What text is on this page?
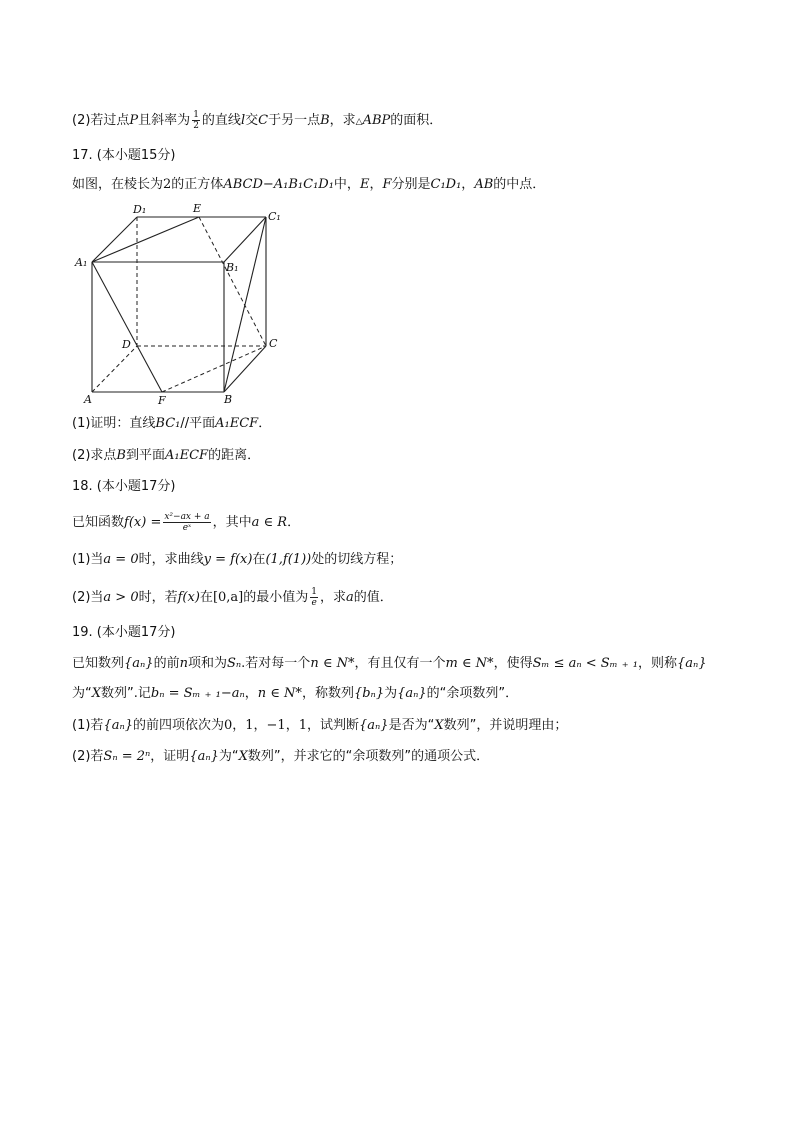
(2)若过点P且斜率为 $\frac{1}{2}$ 的直线l交C于另一点B，求△ABP的面积．
17. (本小题15分)
如图，在棱长为2的正方体ABCD−A₁B₁C₁D₁中，E，F分别是C₁D₁，AB的中点．
D₁	E
C₁
A₁	B₁
D	C
A	F	B
(1)证明：直线BC₁//平面A₁ECF．
(2)求点B到平面A₁ECF的距离．
18. (本小题17分)
已知函数$f(x) = \frac{\text{x²−ax + a}}{\text{eˣ}}$ ，其中a ∈ R．
(1)当a = 0时，求曲线y = f(x)在(1,f(1))处的切线方程；
(2)当a > 0时，若f(x)在[0,a]的最小值为 $\frac{1}{e}$ ，求a的值．
19. (本小题17分)
已知数列{aₙ}的前n项和为Sₙ.若对每一个n ∈ N*，有且仅有一个m ∈ N*，使得Sₘ ≤ aₙ < Sₘ ₊ ₁，则称{aₙ}
为“X数列”.记bₙ = Sₘ ₊ ₁−aₙ，n ∈ N*，称数列{bₙ}为{aₙ}的“余项数列”．
(1)若{aₙ}的前四项依次为0，1，−1，1，试判断{aₙ}是否为“X数列”，并说明理由；
(2)若Sₙ = 2ⁿ，证明{aₙ}为“X数列”，并求它的“余项数列”的通项公式．
